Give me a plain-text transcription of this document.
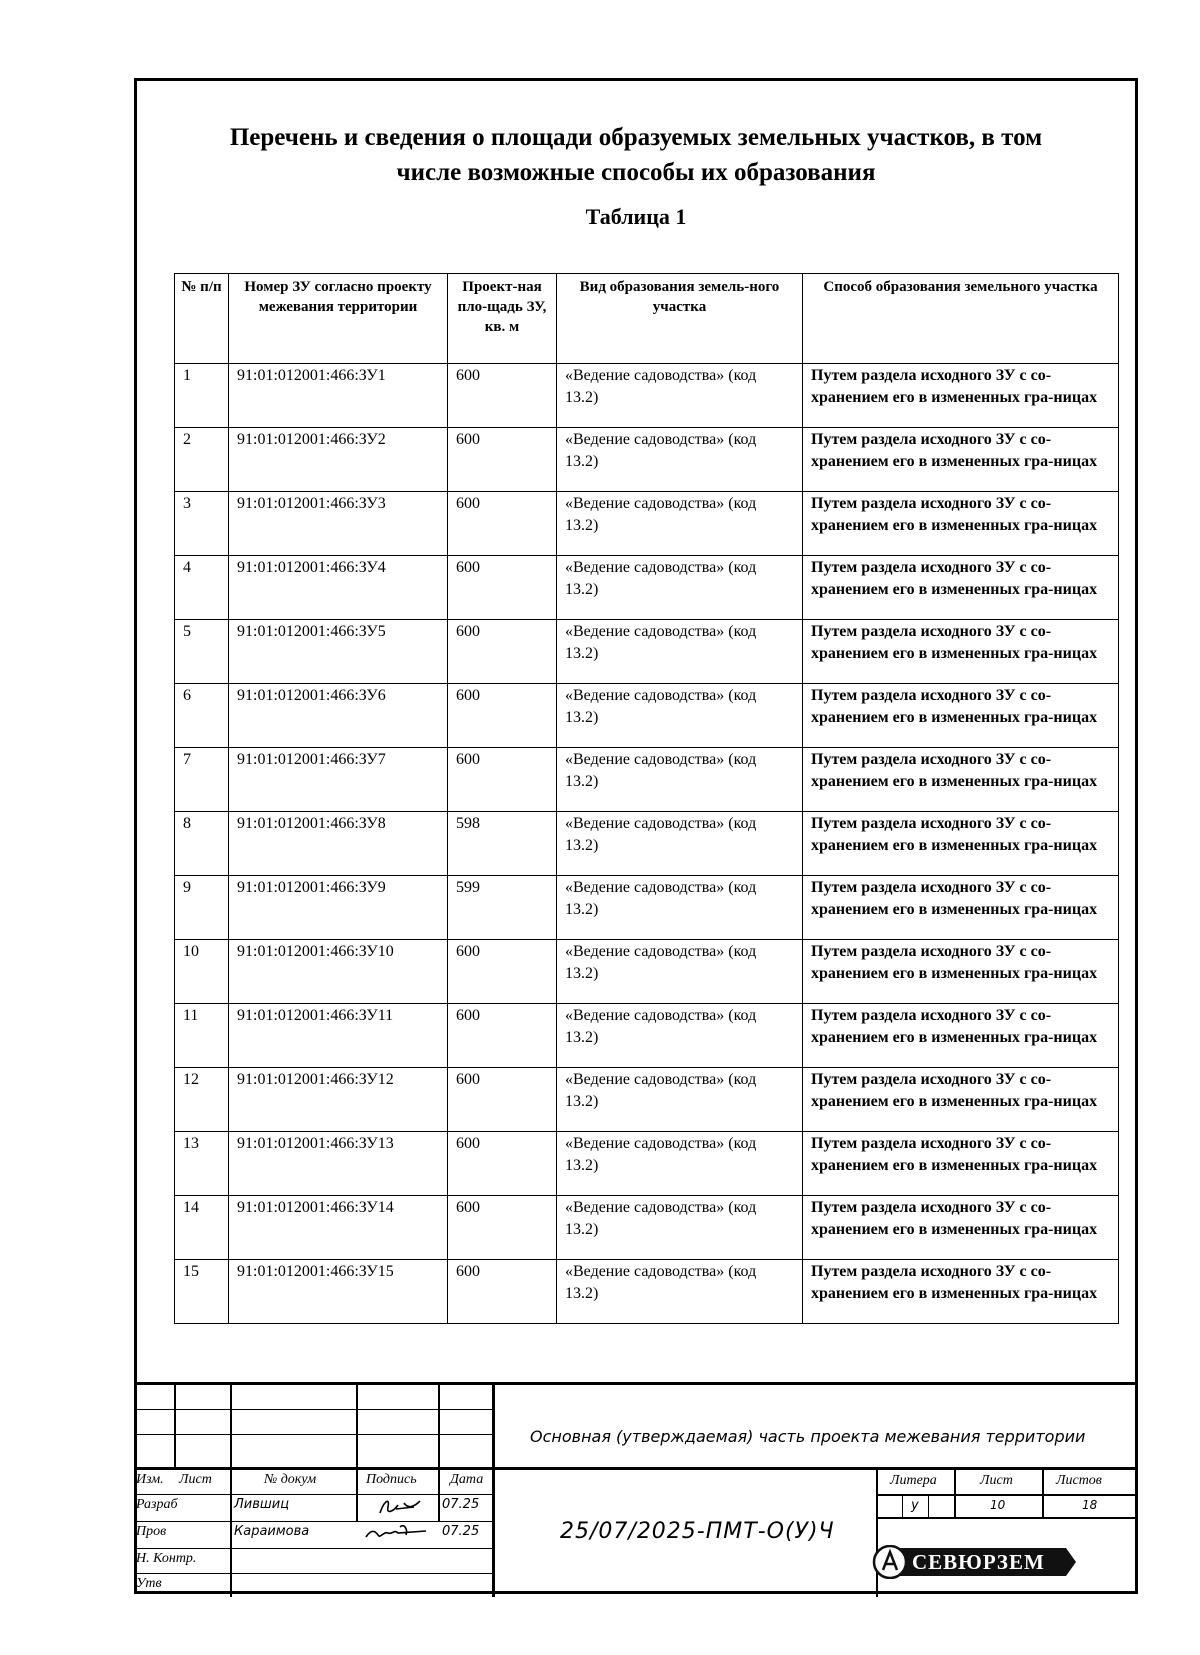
Перечень и сведения о площади образуемых земельных участков, в том
числе возможные способы их образования
Таблица 1
№ п/п	Номер ЗУ согласно проекту межевания территории	Проект-ная пло-щадь ЗУ, кв. м	Вид образования земель-ного участка	Способ образования земельного участка
1	91:01:012001:466:ЗУ1	600	«Ведение садоводства» (код 13.2)	Путем раздела исходного ЗУ с со-хранением его в измененных гра-ницах
2	91:01:012001:466:ЗУ2	600	«Ведение садоводства» (код 13.2)	Путем раздела исходного ЗУ с со-хранением его в измененных гра-ницах
3	91:01:012001:466:ЗУ3	600	«Ведение садоводства» (код 13.2)	Путем раздела исходного ЗУ с со-хранением его в измененных гра-ницах
4	91:01:012001:466:ЗУ4	600	«Ведение садоводства» (код 13.2)	Путем раздела исходного ЗУ с со-хранением его в измененных гра-ницах
5	91:01:012001:466:ЗУ5	600	«Ведение садоводства» (код 13.2)	Путем раздела исходного ЗУ с со-хранением его в измененных гра-ницах
6	91:01:012001:466:ЗУ6	600	«Ведение садоводства» (код 13.2)	Путем раздела исходного ЗУ с со-хранением его в измененных гра-ницах
7	91:01:012001:466:ЗУ7	600	«Ведение садоводства» (код 13.2)	Путем раздела исходного ЗУ с со-хранением его в измененных гра-ницах
8	91:01:012001:466:ЗУ8	598	«Ведение садоводства» (код 13.2)	Путем раздела исходного ЗУ с со-хранением его в измененных гра-ницах
9	91:01:012001:466:ЗУ9	599	«Ведение садоводства» (код 13.2)	Путем раздела исходного ЗУ с со-хранением его в измененных гра-ницах
10	91:01:012001:466:ЗУ10	600	«Ведение садоводства» (код 13.2)	Путем раздела исходного ЗУ с со-хранением его в измененных гра-ницах
11	91:01:012001:466:ЗУ11	600	«Ведение садоводства» (код 13.2)	Путем раздела исходного ЗУ с со-хранением его в измененных гра-ницах
12	91:01:012001:466:ЗУ12	600	«Ведение садоводства» (код 13.2)	Путем раздела исходного ЗУ с со-хранением его в измененных гра-ницах
13	91:01:012001:466:ЗУ13	600	«Ведение садоводства» (код 13.2)	Путем раздела исходного ЗУ с со-хранением его в измененных гра-ницах
14	91:01:012001:466:ЗУ14	600	«Ведение садоводства» (код 13.2)	Путем раздела исходного ЗУ с со-хранением его в измененных гра-ницах
15	91:01:012001:466:ЗУ15	600	«Ведение садоводства» (код 13.2)	Путем раздела исходного ЗУ с со-хранением его в измененных гра-ницах
Основная (утверждаемая) часть проекта межевания территории
Изм. Лист	№ докум	Подпись Дата
Разраб	Лившиц	07.25
Пров	Караимова	07.25
Н. Контр.
Утв
25/07/2025-ПМТ-О(У)Ч
Литера	Лист	Листов
у	10	18
СЕВЮРЗЕМ
